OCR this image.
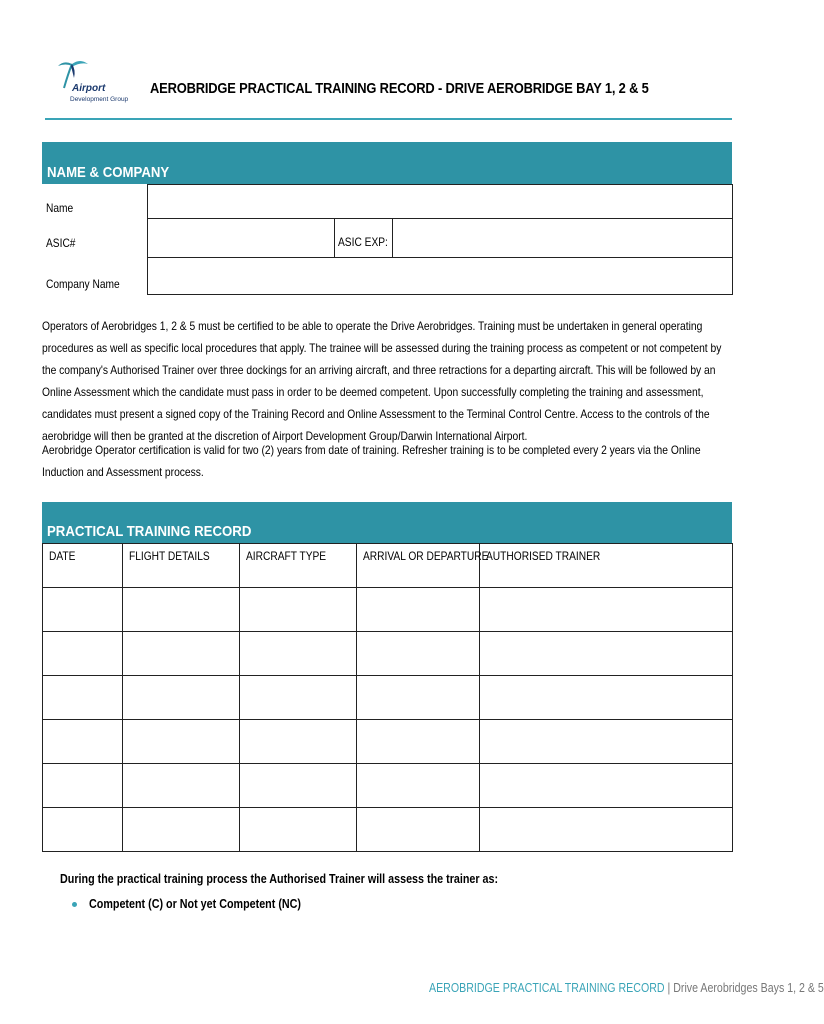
Airport
Development Group
AEROBRIDGE PRACTICAL TRAINING RECORD - DRIVE AEROBRIDGE BAY 1, 2 & 5
NAME & COMPANY
Name
ASIC#	ASIC EXP:
Company Name
Operators of Aerobridges 1, 2 & 5 must be certified to be able to operate the Drive Aerobridges. Training must be undertaken in general operating procedures as well as specific local procedures that apply. The trainee will be assessed during the training process as competent or not competent by the company's Authorised Trainer over three dockings for an arriving aircraft, and three retractions for a departing aircraft. This will be followed by an Online Assessment which the candidate must pass in order to be deemed competent. Upon successfully completing the training and assessment, candidates must present a signed copy of the Training Record and Online Assessment to the Terminal Control Centre. Access to the controls of the aerobridge will then be granted at the discretion of Airport Development Group/Darwin International Airport.
Aerobridge Operator certification is valid for two (2) years from date of training. Refresher training is to be completed every 2 years via the Online Induction and Assessment process.
PRACTICAL TRAINING RECORD
DATE	FLIGHT DETAILS	AIRCRAFT TYPE	ARRIVAL OR DEPARTURE	AUTHORISED TRAINER

During the practical training process the Authorised Trainer will assess the trainer as:
Competent (C) or Not yet Competent (NC)
AEROBRIDGE PRACTICAL TRAINING RECORD | Drive Aerobridges Bays 1, 2 & 5
